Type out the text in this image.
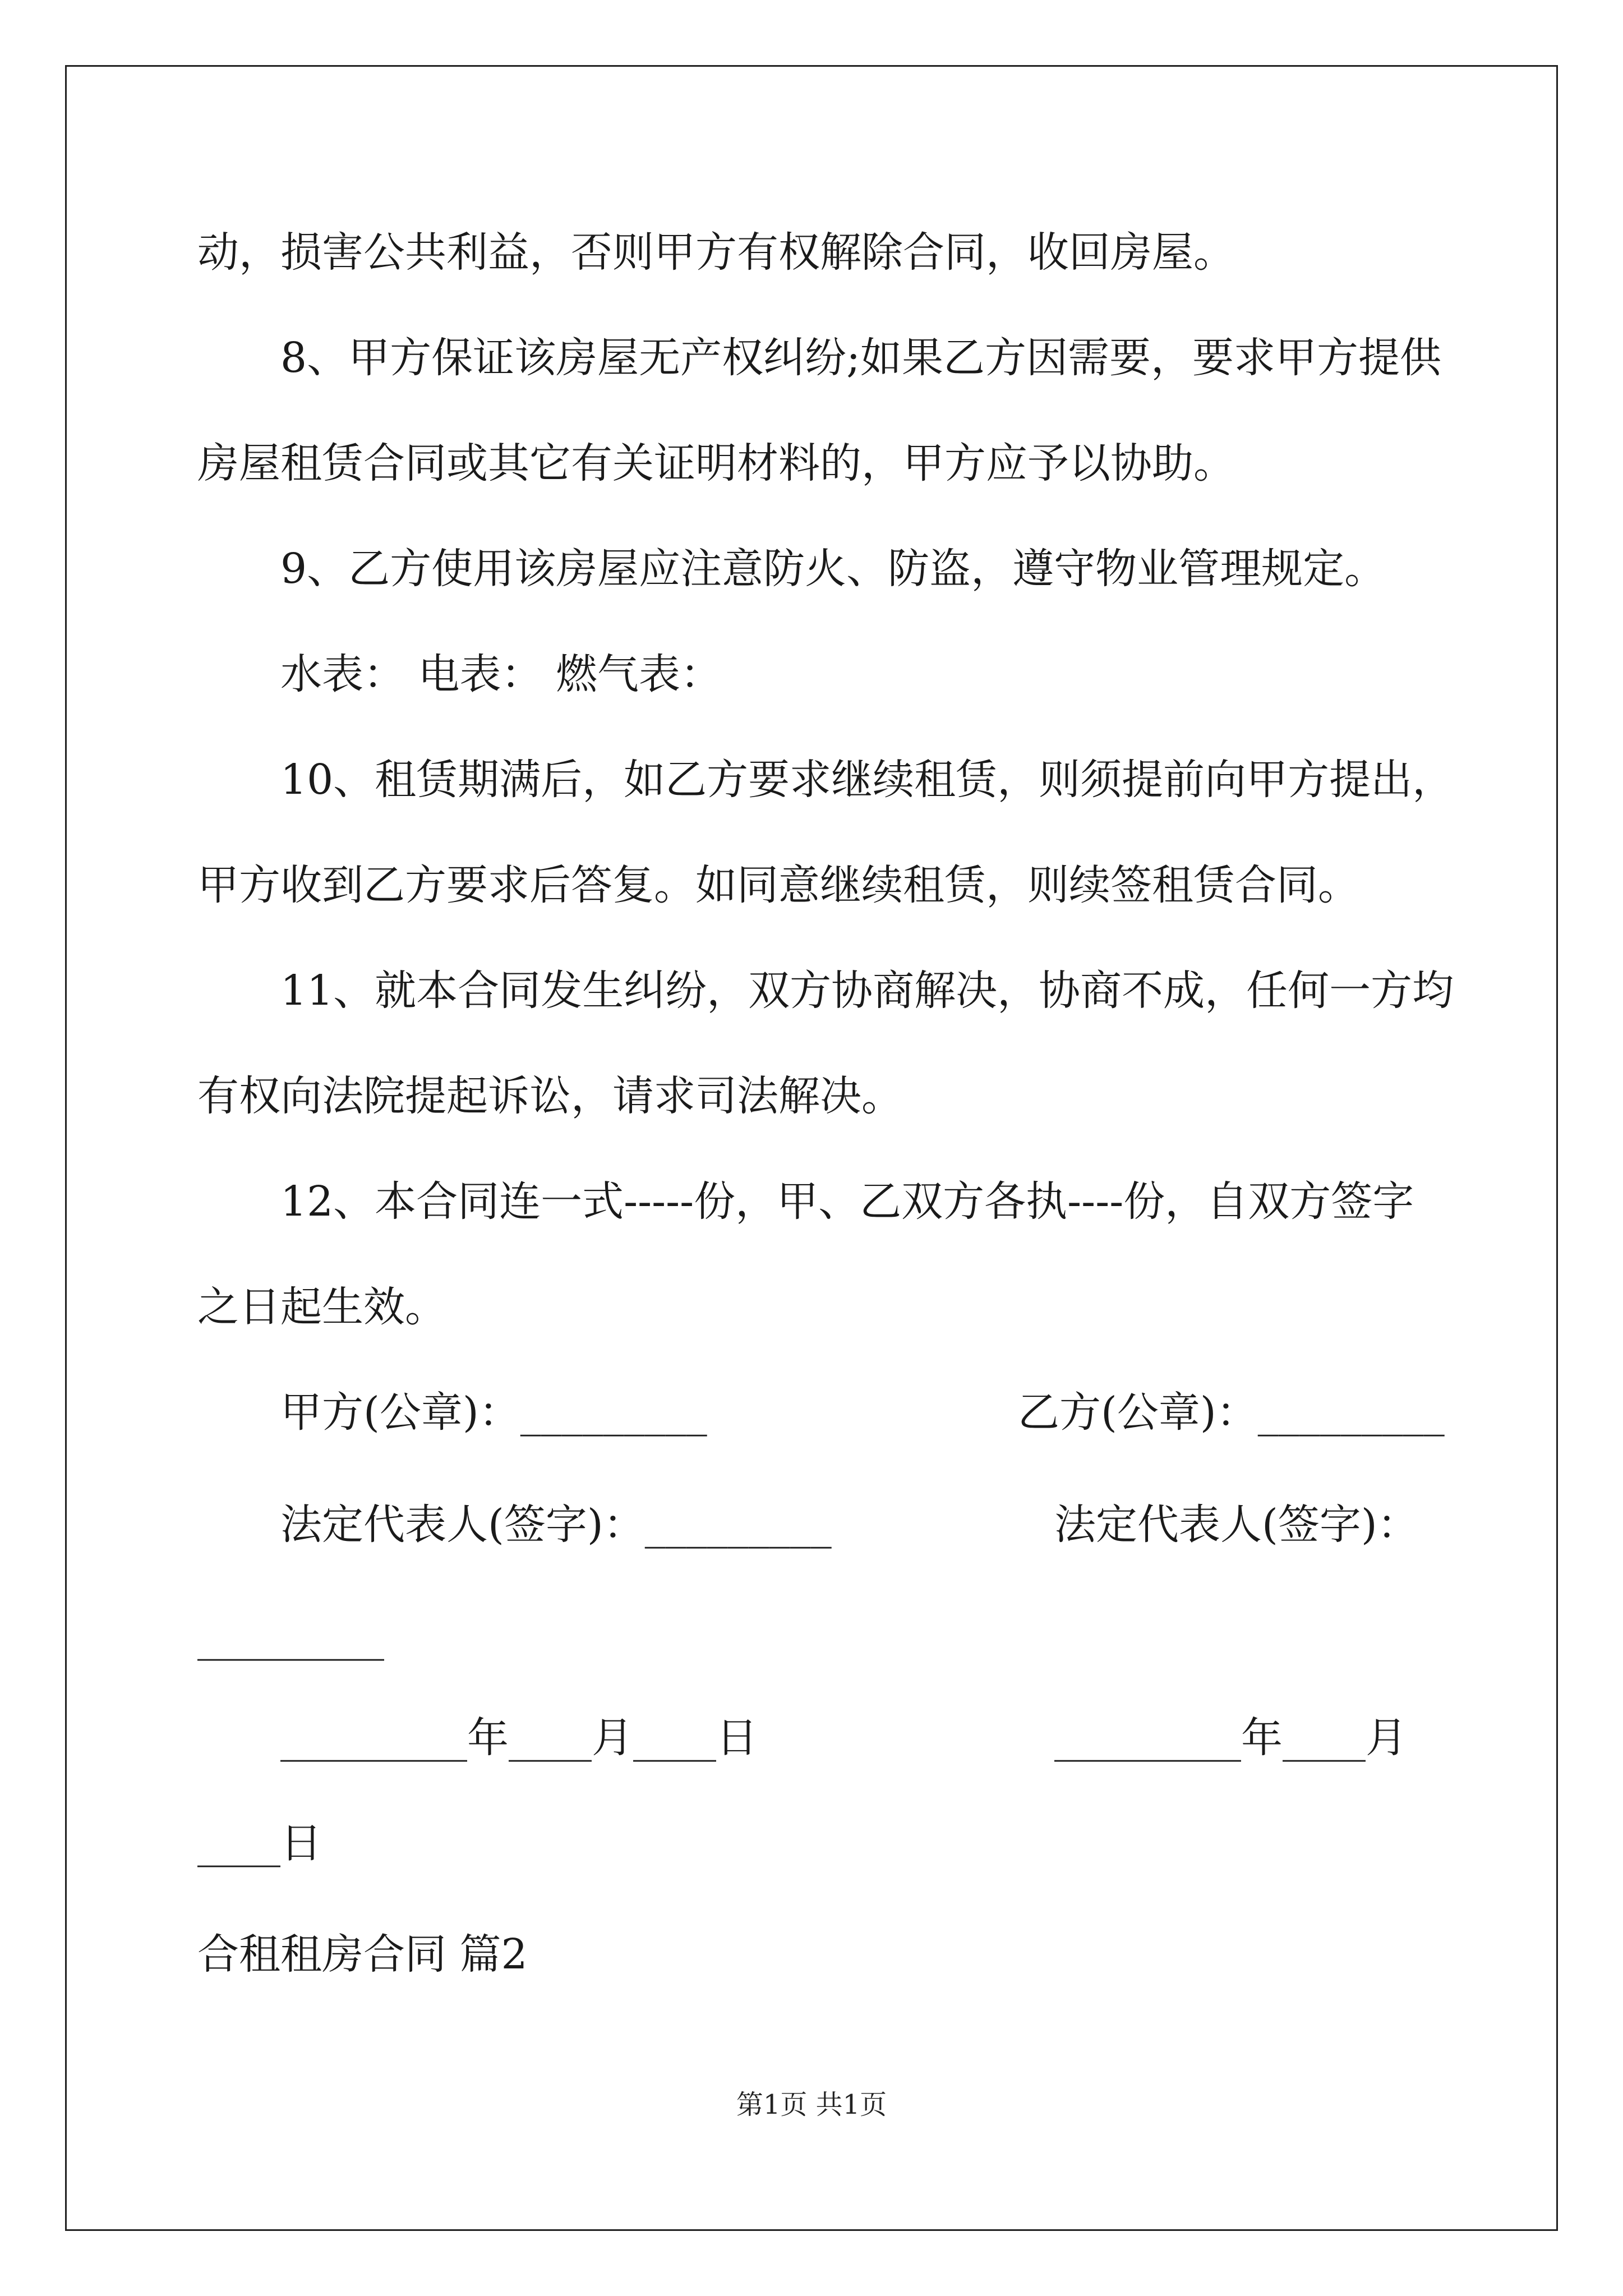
动，损害公共利益，否则甲方有权解除合同，收回房屋。

8、甲方保证该房屋无产权纠纷;如果乙方因需要，要求甲方提供

房屋租赁合同或其它有关证明材料的，甲方应予以协助。

9、乙方使用该房屋应注意防火、防盗，遵守物业管理规定。

水表： 电表： 燃气表：

10、租赁期满后，如乙方要求继续租赁，则须提前向甲方提出，

甲方收到乙方要求后答复。如同意继续租赁，则续签租赁合同。

11、就本合同发生纠纷，双方协商解决，协商不成，任何一方均

有权向法院提起诉讼，请求司法解决。

12、本合同连一式-----份，甲、乙双方各执----份，自双方签字

之日起生效。

甲方(公章)：_________	乙方(公章)：_________

法定代表人(签字)：_________	法定代表人(签字)：

_________

_________年____月____日	_________年____月

____日

合租租房合同 篇2

第1页 共1页
